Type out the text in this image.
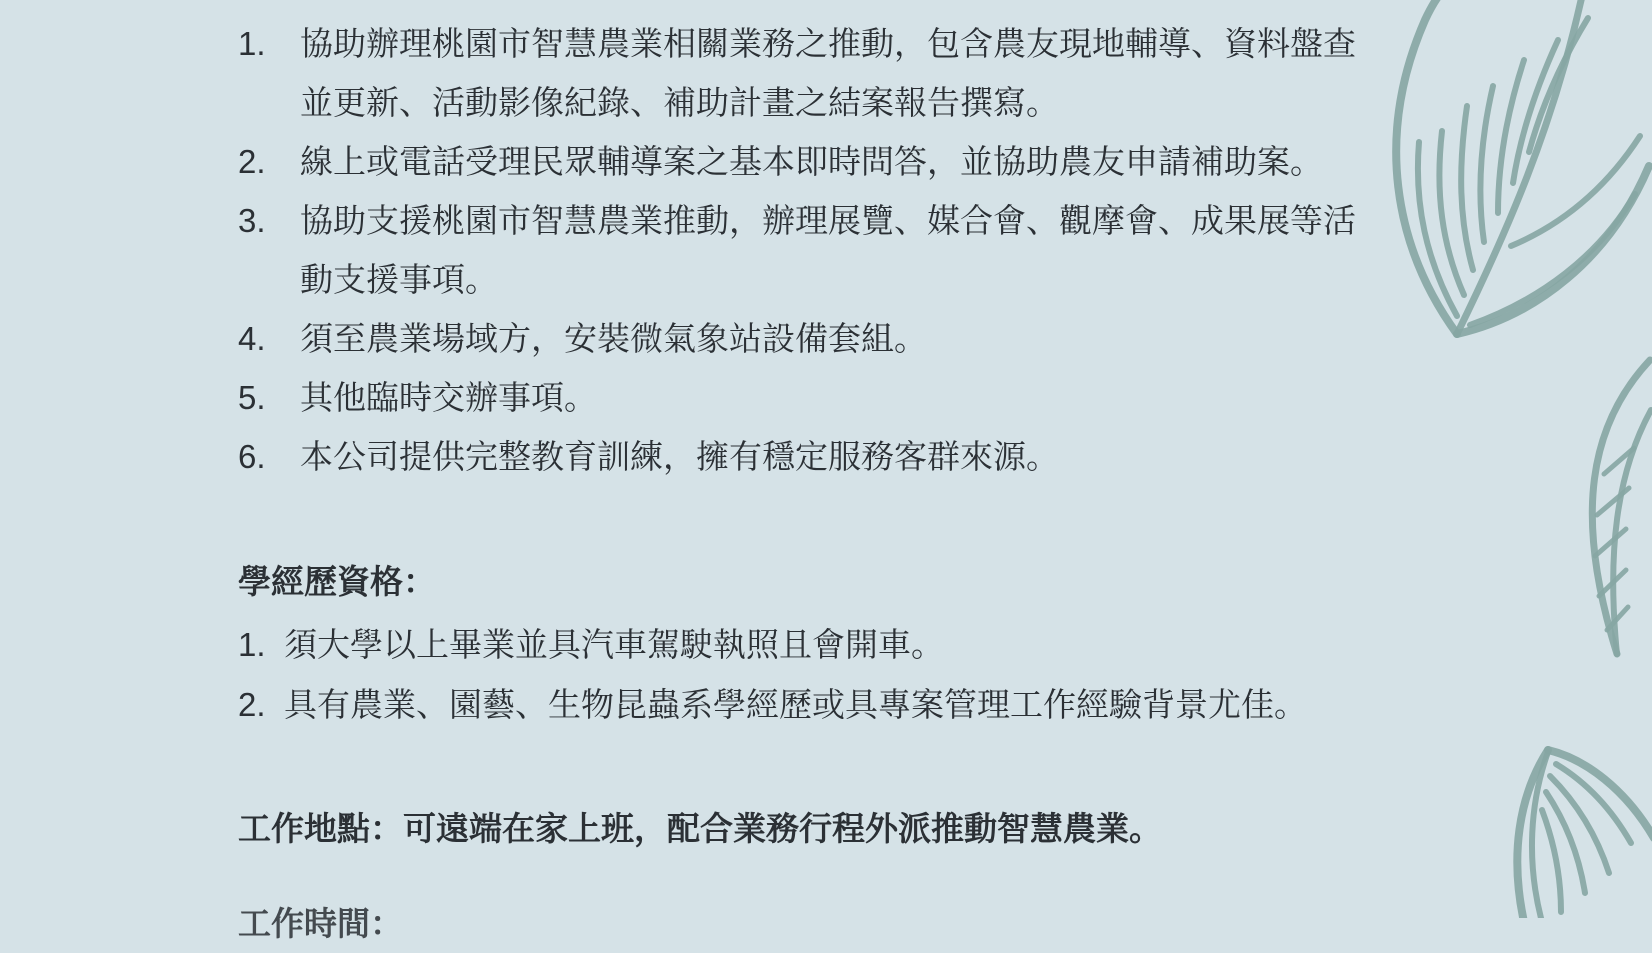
1.	協助辦理桃園市智慧農業相關業務之推動，包含農友現地輔導、資料盤查並更新、活動影像紀錄、補助計畫之結案報告撰寫。
2.	線上或電話受理民眾輔導案之基本即時問答，並協助農友申請補助案。
3.	協助支援桃園市智慧農業推動，辦理展覽、媒合會、觀摩會、成果展等活動支援事項。
4.	須至農業場域方，安裝微氣象站設備套組。
5.	其他臨時交辦事項。
6.	本公司提供完整教育訓練，擁有穩定服務客群來源。
學經歷資格：
1. 須大學以上畢業並具汽車駕駛執照且會開車。
2. 具有農業、園藝、生物昆蟲系學經歷或具專案管理工作經驗背景尤佳。
工作地點：可遠端在家上班，配合業務行程外派推動智慧農業。
工作時間：
